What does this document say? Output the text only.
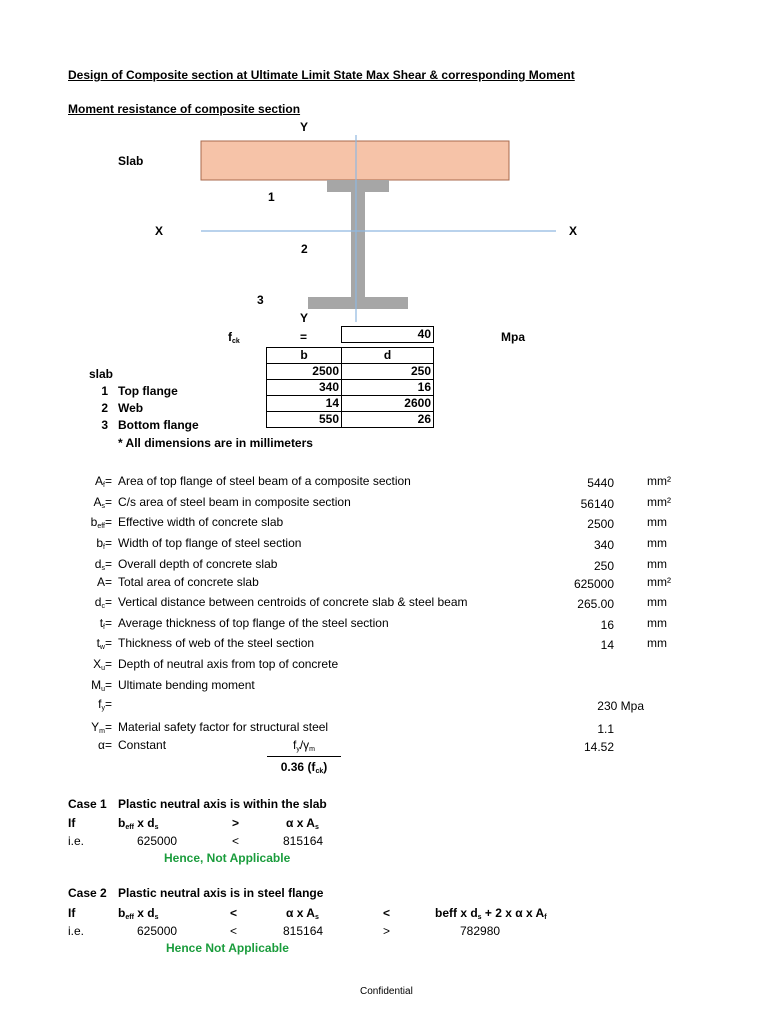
Design of Composite section at Ultimate Limit State Max Shear & corresponding Moment
Moment resistance of composite section
Y
Slab
1
X	X
2
3
Y
$f_{ck}$	=	40	Mpa
b	d
2500	250
340	16
14	2600
550	26
slab
1 Top flange
2 Web
3 Bottom flange
* All dimensions are in millimeters
$A_f=$ Area of top flange of steel beam of a composite section	5440	mm²
$A_s= C/s$ area of steel beam in composite section	56140	mm²
$b_{eff}=$ Effective width of concrete slab	2500	mm
$b_f=$ Width of top flange of steel section	340	mm
$d_s=$ Overall depth of concrete slab	250	mm
A= Total area of concrete slab	625000	mm²
$d_c=$ Vertical distance between centroids of concrete slab & steel beam	265.00	mm
$t_f=$ Average thickness of top flange of the steel section	16	mm
$t_w=$ Thickness of web of the steel section	14	mm
$X_u=$ Depth of neutral axis from top of concrete
$M_u=$ Ultimate bending moment
$f_y=$	230 Mpa
$Y_m=$ Material safety factor for structural steel	1.1
α= Constant	14.52
$f_y/\gamma_m$
0.36 $(f_{ck})$
Case 1 Plastic neutral axis is within the slab
If	$b_{eff}$ x $d_s$	>	α x $A_s$
i.e.	625000	<	815164
Hence, Not Applicable
Case 2 Plastic neutral axis is in steel flange
If	$b_{eff}$ x $d_s$	<	α x $A_s$	<	beff x $d_s + 2$ x α x $A_f$
i.e.	625000	<	815164	>	782980
Hence Not Applicable
Confidential
